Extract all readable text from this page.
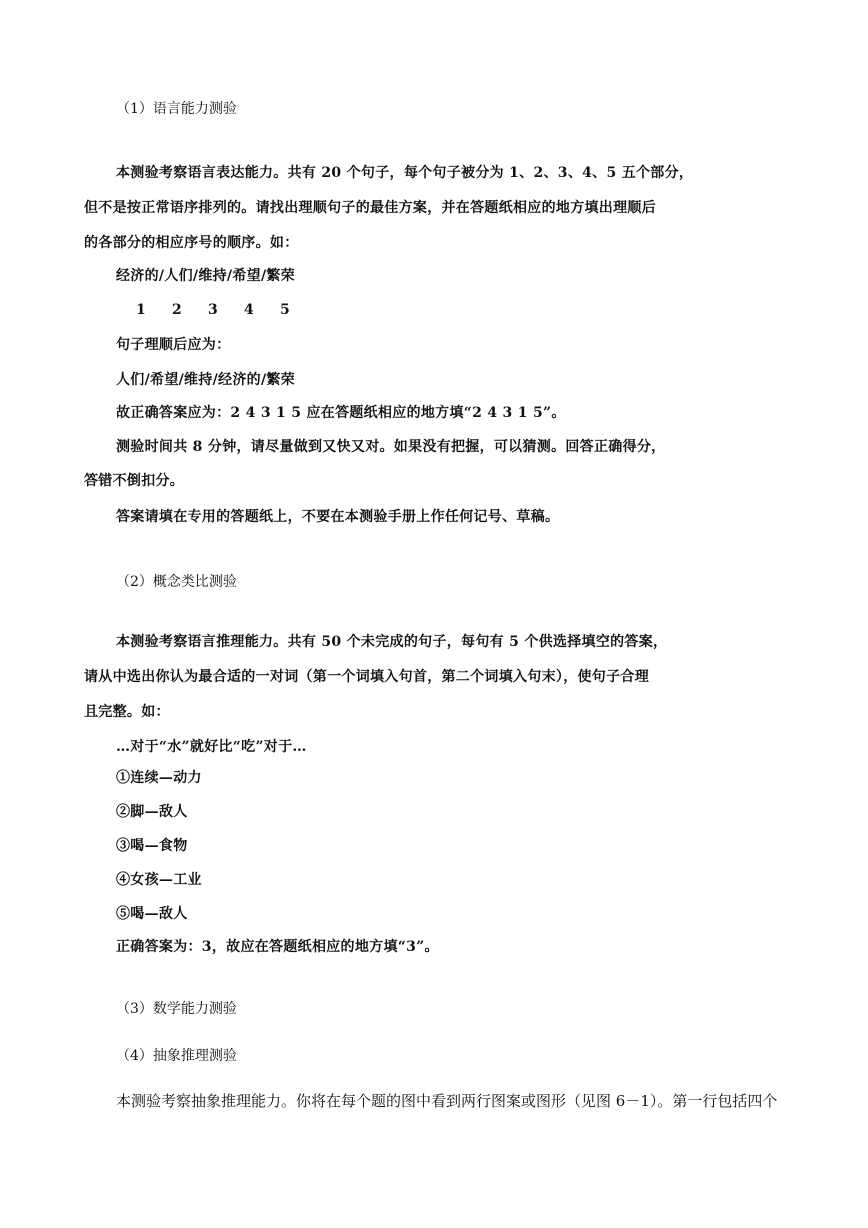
（1）语言能力测验
本测验考察语言表达能力。共有 20 个句子，每个句子被分为 1、2、3、4、5 五个部分，
但不是按正常语序排列的。请找出理顺句子的最佳方案，并在答题纸相应的地方填出理顺后
的各部分的相应序号的顺序。如：
经济的/人们/维持/希望/繁荣
1 2 3 4 5
句子理顺后应为：
人们/希望/维持/经济的/繁荣
故正确答案应为：2 4 3 1 5 应在答题纸相应的地方填“2 4 3 1 5”。
测验时间共 8 分钟，请尽量做到又快又对。如果没有把握，可以猜测。回答正确得分，
答错不倒扣分。
答案请填在专用的答题纸上，不要在本测验手册上作任何记号、草稿。
（2）概念类比测验
本测验考察语言推理能力。共有 50 个未完成的句子，每句有 5 个供选择填空的答案，
请从中选出你认为最合适的一对词（第一个词填入句首，第二个词填入句末），使句子合理
且完整。如：
…对于“水”就好比“吃”对于…
①连续—动力
②脚—敌人
③喝—食物
④女孩—工业
⑤喝—敌人
正确答案为：3，故应在答题纸相应的地方填“3”。
（3）数学能力测验
（4）抽象推理测验
本测验考察抽象推理能力。你将在每个题的图中看到两行图案或图形（见图 6－1）。第一行包括四个
